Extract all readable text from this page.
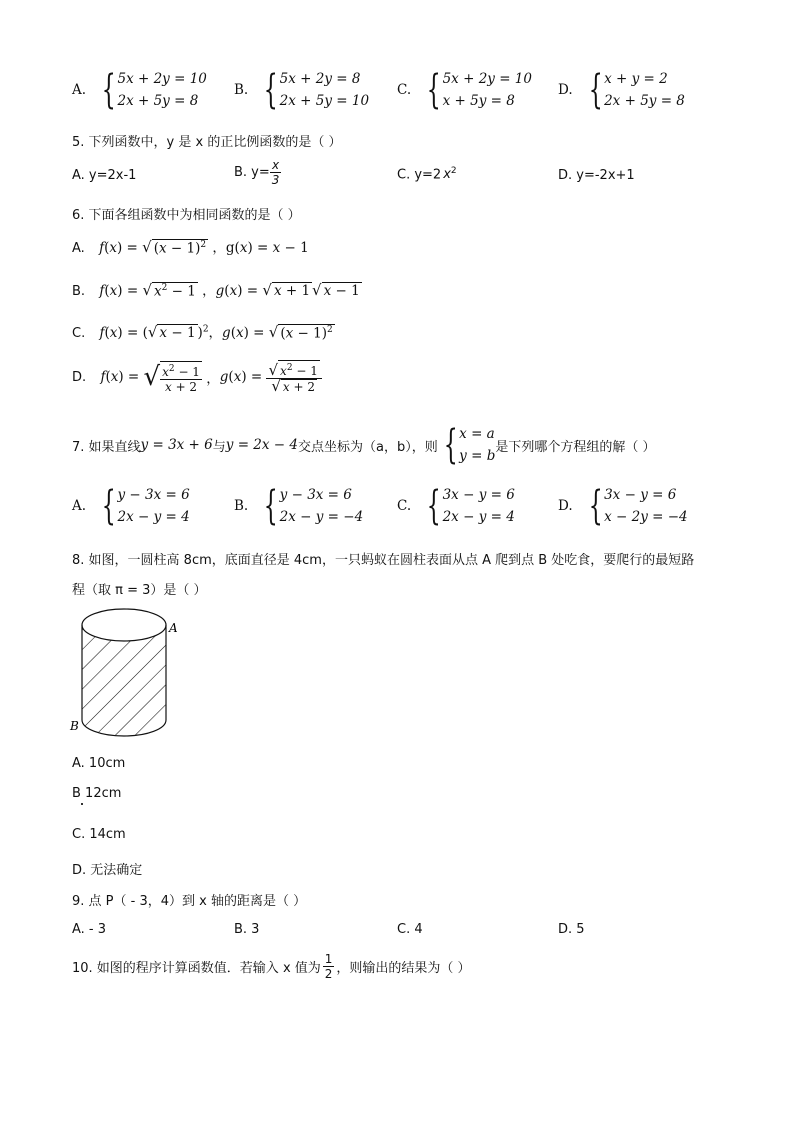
A. { 5x + 2y = 10
2x + 5y = 8
B. { 5x + 2y = 8
2x + 5y = 10
C. { 5x + 2y = 10
x + 5y = 8
D. { x + y = 2
2x + 5y = 8
5. 下列函数中，y 是 x 的正比例函数的是（ ）
A. y=2x-1	B. $y= \frac{x}{3}$	C. y=2 $x^2$	D. y=-2x+1
6. 下面各组函数中为相同函数的是（ ）
A. f(x) = √ $(x - 1)^2$ ，g(x) = x − 1
B. f(x) = √ $x^2 - 1$ ，g(x) = √ x + 1 √ x − 1
C. f(x) = (√ x − 1 )$^2$，g(x) = √ $(x - 1)^2$
D. f ( x ) = √ $\frac{x^2 - 1}{x + 2}$ ， g ( x ) = $\frac{√ x^2 - 1}{√ x + 2}$
7. 如果直线 y = 3x + 6 与 y = 2x − 4 交点坐标为（a，b），则 { x = a
y = b
是下列哪个方程组的解（ ）
A. { y − 3x = 6
2x − y = 4
B. { y − 3x = 6
2x − y = −4
C. { 3x − y = 6
2x − y = 4
D. { 3x − y = 6
x − 2y = −4
8. 如图，一圆柱高 8cm，底面直径是 4cm，一只蚂蚁在圆柱表面从点 A 爬到点 B 处吃食，要爬行的最短路
程（取 π = 3）是（ ）
A
B
A. 10cm
B 12cm
C. 14cm
D. 无法确定
9. 点 P（ - 3，4）到 x 轴的距离是（ ）
A. - 3	B. 3	C. 4	D. 5
10. 如图的程序计算函数值．若输入 x 值为 $\frac{1}{2}$ ，则输出的结果为（ ）
